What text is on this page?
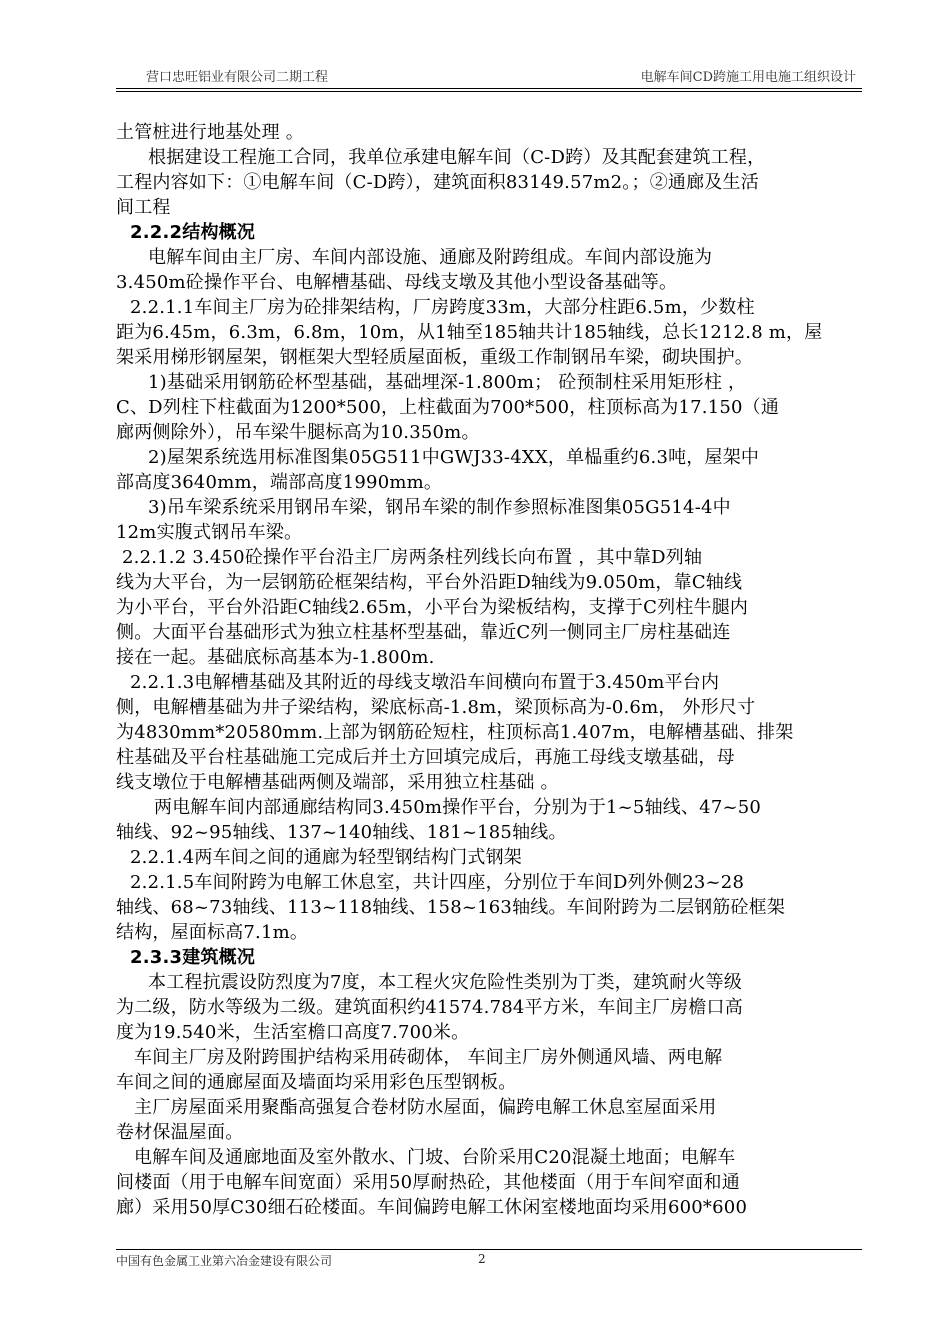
营口忠旺铝业有限公司二期工程	电解车间CD跨施工用电施工组织设计
土管桩进行地基处理 。
根据建设工程施工合同，我单位承建电解车间（C-D跨）及其配套建筑工程，
工程内容如下：①电解车间（C-D跨），建筑面积83149.57m2。；②通廊及生活
间工程
2.2.2结构概况
电解车间由主厂房、车间内部设施、通廊及附跨组成。车间内部设施为
3.450m砼操作平台、电解槽基础、母线支墩及其他小型设备基础等。
2.2.1.1车间主厂房为砼排架结构，厂房跨度33m，大部分柱距6.5m，少数柱
距为6.45m，6.3m，6.8m，10m，从1轴至185轴共计185轴线，总长1212.8 m，屋
架采用梯形钢屋架，钢框架大型轻质屋面板，重级工作制钢吊车梁，砌块围护。
1)基础采用钢筋砼杯型基础，基础埋深-1.800m； 砼预制柱采用矩形柱 ，
C、D列柱下柱截面为1200*500，上柱截面为700*500，柱顶标高为17.150（通
廊两侧除外），吊车梁牛腿标高为10.350m。
2)屋架系统选用标准图集05G511中GWJ33-4XX，单榀重约6.3吨，屋架中
部高度3640mm，端部高度1990mm。
3)吊车梁系统采用钢吊车梁，钢吊车梁的制作参照标准图集05G514-4中
12m实腹式钢吊车梁。
2.2.1.2 3.450砼操作平台沿主厂房两条柱列线长向布置 ，其中靠D列轴
线为大平台，为一层钢筋砼框架结构，平台外沿距D轴线为9.050m，靠C轴线
为小平台，平台外沿距C轴线2.65m，小平台为梁板结构，支撑于C列柱牛腿内
侧。大面平台基础形式为独立柱基杯型基础，靠近C列一侧同主厂房柱基础连
接在一起。基础底标高基本为-1.800m.
2.2.1.3电解槽基础及其附近的母线支墩沿车间横向布置于3.450m平台内
侧，电解槽基础为井子梁结构，梁底标高-1.8m，梁顶标高为-0.6m， 外形尺寸
为4830mm*20580mm.上部为钢筋砼短柱，柱顶标高1.407m，电解槽基础、排架
柱基础及平台柱基础施工完成后并土方回填完成后，再施工母线支墩基础，母
线支墩位于电解槽基础两侧及端部，采用独立柱基础 。
两电解车间内部通廊结构同3.450m操作平台，分别为于1~5轴线、47~50
轴线、92~95轴线、137~140轴线、181~185轴线。
2.2.1.4两车间之间的通廊为轻型钢结构门式钢架
2.2.1.5车间附跨为电解工休息室，共计四座，分别位于车间D列外侧23~28
轴线、68~73轴线、113~118轴线、158~163轴线。车间附跨为二层钢筋砼框架
结构，屋面标高7.1m。
2.3.3建筑概况
本工程抗震设防烈度为7度，本工程火灾危险性类别为丁类，建筑耐火等级
为二级，防水等级为二级。建筑面积约41574.784平方米，车间主厂房檐口高
度为19.540米，生活室檐口高度7.700米。
车间主厂房及附跨围护结构采用砖砌体， 车间主厂房外侧通风墙、两电解
车间之间的通廊屋面及墙面均采用彩色压型钢板。
主厂房屋面采用聚酯高强复合卷材防水屋面，偏跨电解工休息室屋面采用
卷材保温屋面。
电解车间及通廊地面及室外散水、门坡、台阶采用C20混凝土地面；电解车
间楼面（用于电解车间宽面）采用50厚耐热砼，其他楼面（用于车间窄面和通
廊）采用50厚C30细石砼楼面。车间偏跨电解工休闲室楼地面均采用600*600
中国有色金属工业第六冶金建设有限公司	2
